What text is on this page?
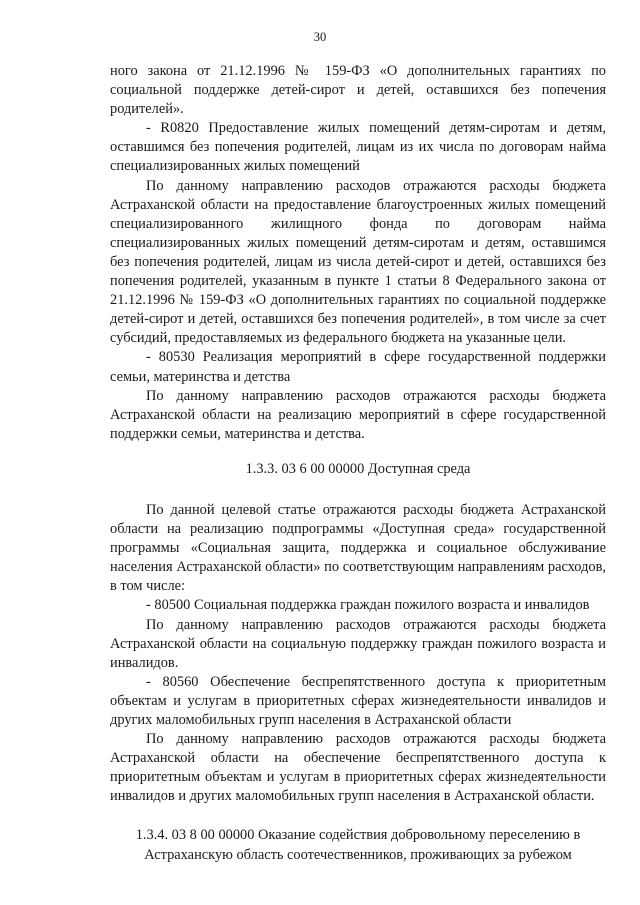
30

ного закона от 21.12.1996 № 159-ФЗ «О дополнительных гарантиях по социальной поддержке детей-сирот и детей, оставшихся без попечения родителей».

- R0820 Предоставление жилых помещений детям-сиротам и детям, оставшимся без попечения родителей, лицам из их числа по договорам найма специализированных жилых помещений

По данному направлению расходов отражаются расходы бюджета Астраханской области на предоставление благоустроенных жилых помещений специализированного жилищного фонда по договорам найма специализированных жилых помещений детям-сиротам и детям, оставшимся без попечения родителей, лицам из числа детей-сирот и детей, оставшихся без попечения родителей, указанным в пункте 1 статьи 8 Федерального закона от 21.12.1996 № 159-ФЗ «О дополнительных гарантиях по социальной поддержке детей-сирот и детей, оставшихся без попечения родителей», в том числе за счет субсидий, предоставляемых из федерального бюджета на указанные цели.

- 80530 Реализация мероприятий в сфере государственной поддержки семьи, материнства и детства

По данному направлению расходов отражаются расходы бюджета Астраханской области на реализацию мероприятий в сфере государственной поддержки семьи, материнства и детства.

1.3.3. 03 6 00 00000 Доступная среда

По данной целевой статье отражаются расходы бюджета Астраханской области на реализацию подпрограммы «Доступная среда» государственной программы «Социальная защита, поддержка и социальное обслуживание населения Астраханской области» по соответствующим направлениям расходов, в том числе:

- 80500 Социальная поддержка граждан пожилого возраста и инвалидов

По данному направлению расходов отражаются расходы бюджета Астраханской области на социальную поддержку граждан пожилого возраста и инвалидов.

- 80560 Обеспечение беспрепятственного доступа к приоритетным объектам и услугам в приоритетных сферах жизнедеятельности инвалидов и других маломобильных групп населения в Астраханской области

По данному направлению расходов отражаются расходы бюджета Астраханской области на обеспечение беспрепятственного доступа к приоритетным объектам и услугам в приоритетных сферах жизнедеятельности инвалидов и других маломобильных групп населения в Астраханской области.

1.3.4. 03 8 00 00000 Оказание содействия добровольному переселению в Астраханскую область соотечественников, проживающих за рубежом
